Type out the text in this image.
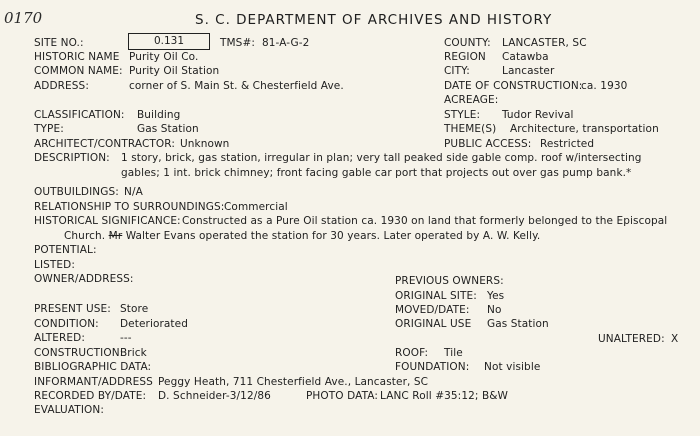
0170	S. C. DEPARTMENT OF ARCHIVES AND HISTORY
SITE NO.:	0.131	TMS#: 81-A-G-2	COUNTY: LANCASTER, SC
HISTORIC NAME Purity Oil Co.	REGION Catawba
COMMON NAME: Purity Oil Station	CITY:	Lancaster
ADDRESS:	corner of S. Main St. & Chesterfield Ave.	DATE OF CONSTRUCTION:
ca. 1930
ACREAGE:
CLASSIFICATION: Building	STYLE: Tudor Revival
TYPE:	Gas Station	THEME(S) Architecture, transportation
ARCHITECT/CONTRACTOR: Unknown	PUBLIC ACCESS: Restricted
DESCRIPTION: 1 story, brick, gas station, irregular in plan; very tall peaked side gable comp. roof w/intersecting
gables; 1 int. brick chimney; front facing gable car port that projects out over gas pump bank.*
OUTBUILDINGS: N/A
RELATIONSHIP TO SURROUNDINGS: Commercial
HISTORICAL SIGNIFICANCE: Constructed as a Pure Oil station ca. 1930 on land that formerly belonged to the Episcopal
Church. Mr Walter Evans operated the station for 30 years. Later operated by A. W. Kelly.
POTENTIAL:
LISTED:
OWNER/ADDRESS:	PREVIOUS OWNERS:
ORIGINAL SITE: Yes
PRESENT USE: Store	MOVED/DATE: No
CONDITION: Deteriorated	ORIGINAL USE Gas Station
ALTERED:	---	UNALTERED: X
CONSTRUCTION:
Brick	ROOF: Tile
BIBLIOGRAPHIC DATA:	FOUNDATION: Not visible
INFORMANT/ADDRESS Peggy Heath, 711 Chesterfield Ave., Lancaster, SC
RECORDED BY/DATE: D. Schneider-3/12/86	PHOTO DATA: LANC Roll #35:12; B&W
EVALUATION:
